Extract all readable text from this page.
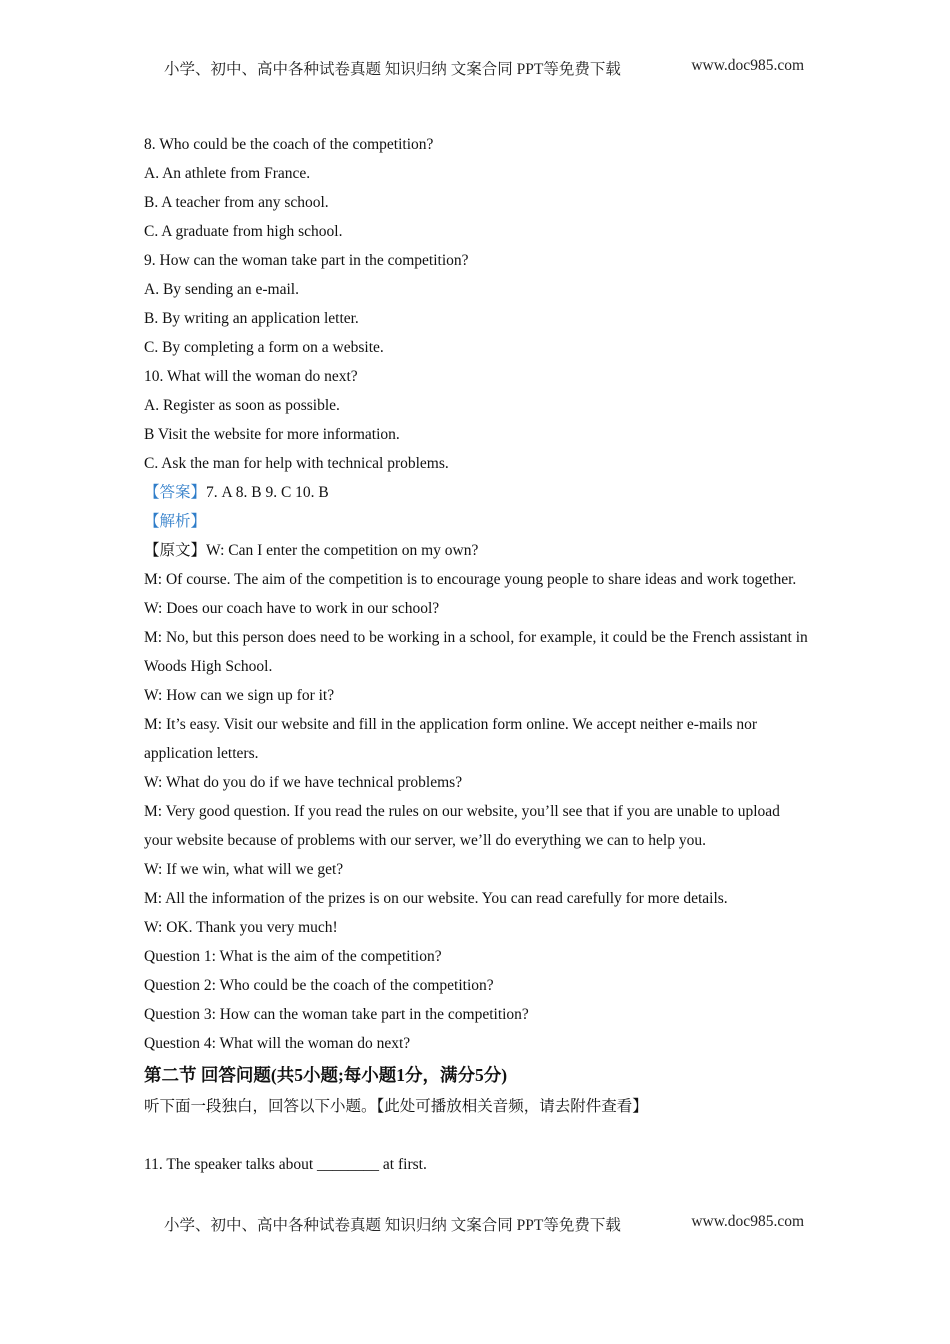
小学、初中、高中各种试卷真题 知识归纳 文案合同 PPT等免费下载	www.doc985.com
8. Who could be the coach of the competition?
A. An athlete from France.
B. A teacher from any school.
C. A graduate from high school.
9. How can the woman take part in the competition?
A. By sending an e-mail.
B. By writing an application letter.
C. By completing a form on a website.
10. What will the woman do next?
A. Register as soon as possible.
B Visit the website for more information.
C. Ask the man for help with technical problems.
【答案】7. A 8. B 9. C 10. B
【解析】
【原文】W: Can I enter the competition on my own?
M: Of course. The aim of the competition is to encourage young people to share ideas and work together.
W: Does our coach have to work in our school?
M: No, but this person does need to be working in a school, for example, it could be the French assistant in Woods High School.
W: How can we sign up for it?
M: It’s easy. Visit our website and fill in the application form online. We accept neither e-mails nor application letters.
W: What do you do if we have technical problems?
M: Very good question. If you read the rules on our website, you’ll see that if you are unable to upload your website because of problems with our server, we’ll do everything we can to help you.
W: If we win, what will we get?
M: All the information of the prizes is on our website. You can read carefully for more details.
W: OK. Thank you very much!
Question 1: What is the aim of the competition?
Question 2: Who could be the coach of the competition?
Question 3: How can the woman take part in the competition?
Question 4: What will the woman do next?
第二节 回答问题(共5小题;每小题1分，满分5分)
听下面一段独白，回答以下小题。【此处可播放相关音频，请去附件查看】
11. The speaker talks about ________ at first.
小学、初中、高中各种试卷真题 知识归纳 文案合同 PPT等免费下载	www.doc985.com
